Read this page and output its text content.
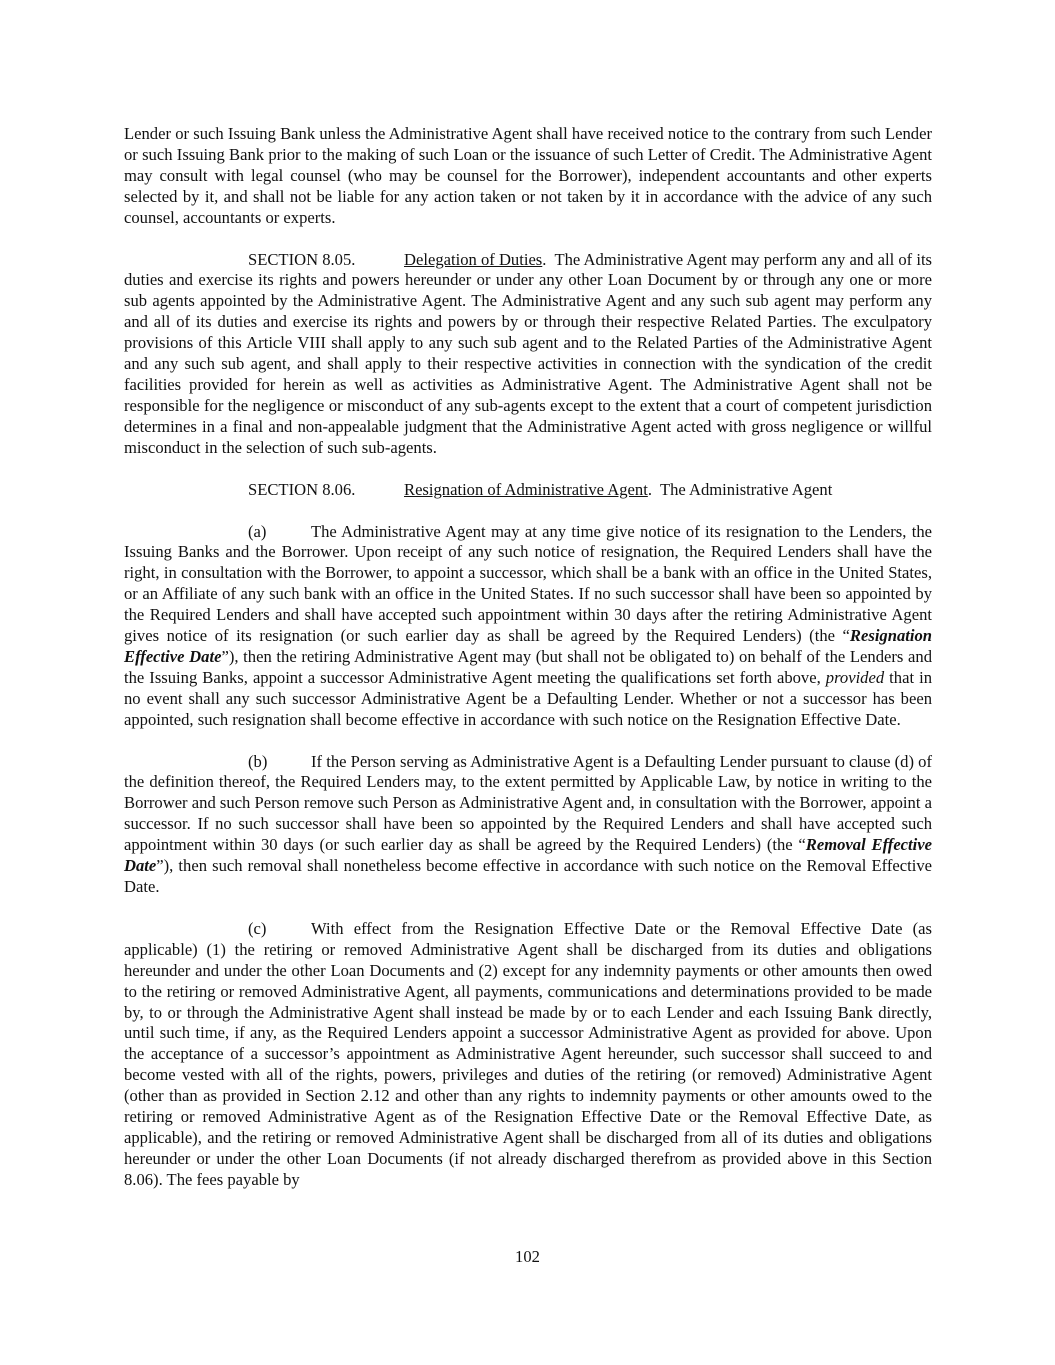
Lender or such Issuing Bank unless the Administrative Agent shall have received notice to the contrary from such Lender or such Issuing Bank prior to the making of such Loan or the issuance of such Letter of Credit. The Administrative Agent may consult with legal counsel (who may be counsel for the Borrower), independent accountants and other experts selected by it, and shall not be liable for any action taken or not taken by it in accordance with the advice of any such counsel, accountants or experts.

SECTION 8.05.	Delegation of Duties. The Administrative Agent may perform any and all of its duties and exercise its rights and powers hereunder or under any other Loan Document by or through any one or more sub agents appointed by the Administrative Agent. The Administrative Agent and any such sub agent may perform any and all of its duties and exercise its rights and powers by or through their respective Related Parties. The exculpatory provisions of this Article VIII shall apply to any such sub agent and to the Related Parties of the Administrative Agent and any such sub agent, and shall apply to their respective activities in connection with the syndication of the credit facilities provided for herein as well as activities as Administrative Agent. The Administrative Agent shall not be responsible for the negligence or misconduct of any sub-agents except to the extent that a court of competent jurisdiction determines in a final and non-appealable judgment that the Administrative Agent acted with gross negligence or willful misconduct in the selection of such sub-agents.

SECTION 8.06.	Resignation of Administrative Agent. The Administrative Agent

(a)	The Administrative Agent may at any time give notice of its resignation to the Lenders, the Issuing Banks and the Borrower. Upon receipt of any such notice of resignation, the Required Lenders shall have the right, in consultation with the Borrower, to appoint a successor, which shall be a bank with an office in the United States, or an Affiliate of any such bank with an office in the United States. If no such successor shall have been so appointed by the Required Lenders and shall have accepted such appointment within 30 days after the retiring Administrative Agent gives notice of its resignation (or such earlier day as shall be agreed by the Required Lenders) (the “Resignation Effective Date”), then the retiring Administrative Agent may (but shall not be obligated to) on behalf of the Lenders and the Issuing Banks, appoint a successor Administrative Agent meeting the qualifications set forth above, provided that in no event shall any such successor Administrative Agent be a Defaulting Lender. Whether or not a successor has been appointed, such resignation shall become effective in accordance with such notice on the Resignation Effective Date.

(b)	If the Person serving as Administrative Agent is a Defaulting Lender pursuant to clause (d) of the definition thereof, the Required Lenders may, to the extent permitted by Applicable Law, by notice in writing to the Borrower and such Person remove such Person as Administrative Agent and, in consultation with the Borrower, appoint a successor. If no such successor shall have been so appointed by the Required Lenders and shall have accepted such appointment within 30 days (or such earlier day as shall be agreed by the Required Lenders) (the “Removal Effective Date”), then such removal shall nonetheless become effective in accordance with such notice on the Removal Effective Date.

(c)	With effect from the Resignation Effective Date or the Removal Effective Date (as applicable) (1) the retiring or removed Administrative Agent shall be discharged from its duties and obligations hereunder and under the other Loan Documents and (2) except for any indemnity payments or other amounts then owed to the retiring or removed Administrative Agent, all payments, communications and determinations provided to be made by, to or through the Administrative Agent shall instead be made by or to each Lender and each Issuing Bank directly, until such time, if any, as the Required Lenders appoint a successor Administrative Agent as provided for above. Upon the acceptance of a successor’s appointment as Administrative Agent hereunder, such successor shall succeed to and become vested with all of the rights, powers, privileges and duties of the retiring (or removed) Administrative Agent (other than as provided in Section 2.12 and other than any rights to indemnity payments or other amounts owed to the retiring or removed Administrative Agent as of the Resignation Effective Date or the Removal Effective Date, as applicable), and the retiring or removed Administrative Agent shall be discharged from all of its duties and obligations hereunder or under the other Loan Documents (if not already discharged therefrom as provided above in this Section 8.06). The fees payable by

102
